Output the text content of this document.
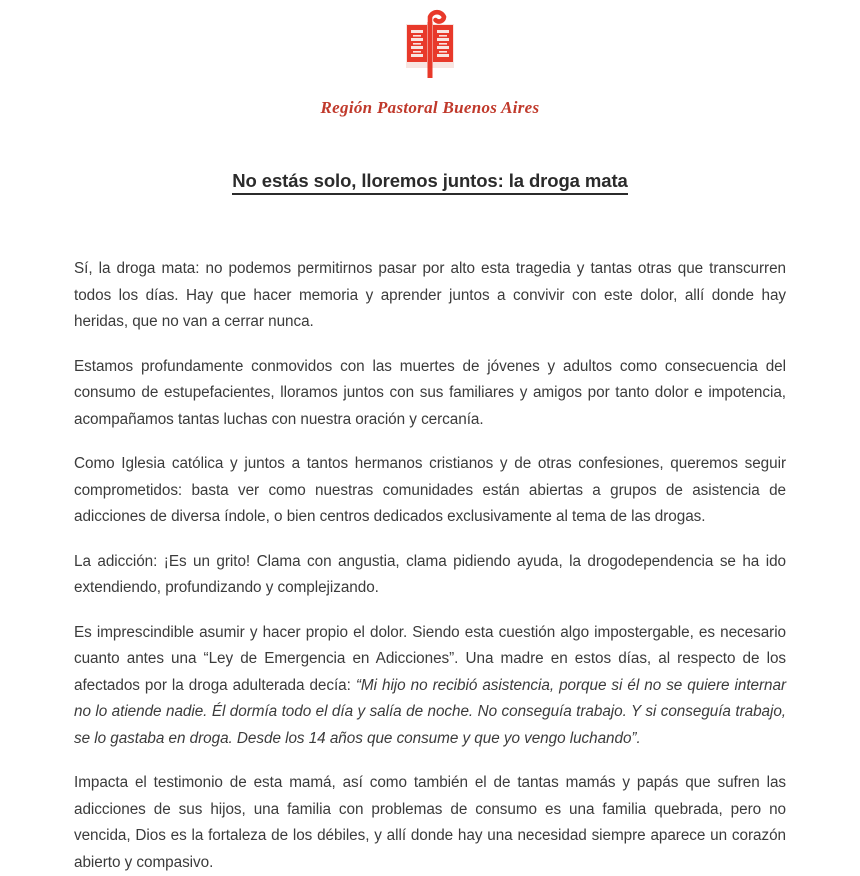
Región Pastoral Buenos Aires
No estás solo, lloremos juntos: la droga mata

Sí, la droga mata: no podemos permitirnos pasar por alto esta tragedia y tantas otras que transcurren todos los días. Hay que hacer memoria y aprender juntos a convivir con este dolor, allí donde hay heridas, que no van a cerrar nunca.

Estamos profundamente conmovidos con las muertes de jóvenes y adultos como consecuencia del consumo de estupefacientes, lloramos juntos con sus familiares y amigos por tanto dolor e impotencia, acompañamos tantas luchas con nuestra oración y cercanía.

Como Iglesia católica y juntos a tantos hermanos cristianos y de otras confesiones, queremos seguir comprometidos: basta ver como nuestras comunidades están abiertas a grupos de asistencia de adicciones de diversa índole, o bien centros dedicados exclusivamente al tema de las drogas.

La adicción: ¡Es un grito! Clama con angustia, clama pidiendo ayuda, la drogodependencia se ha ido extendiendo, profundizando y complejizando.

Es imprescindible asumir y hacer propio el dolor. Siendo esta cuestión algo impostergable, es necesario cuanto antes una “Ley de Emergencia en Adicciones”. Una madre en estos días, al respecto de los afectados por la droga adulterada decía: “Mi hijo no recibió asistencia, porque si él no se quiere internar no lo atiende nadie. Él dormía todo el día y salía de noche. No conseguía trabajo. Y si conseguía trabajo, se lo gastaba en droga. Desde los 14 años que consume y que yo vengo luchando”.

Impacta el testimonio de esta mamá, así como también el de tantas mamás y papás que sufren las adicciones de sus hijos, una familia con problemas de consumo es una familia quebrada, pero no vencida, Dios es la fortaleza de los débiles, y allí donde hay una necesidad siempre aparece un corazón abierto y compasivo.
